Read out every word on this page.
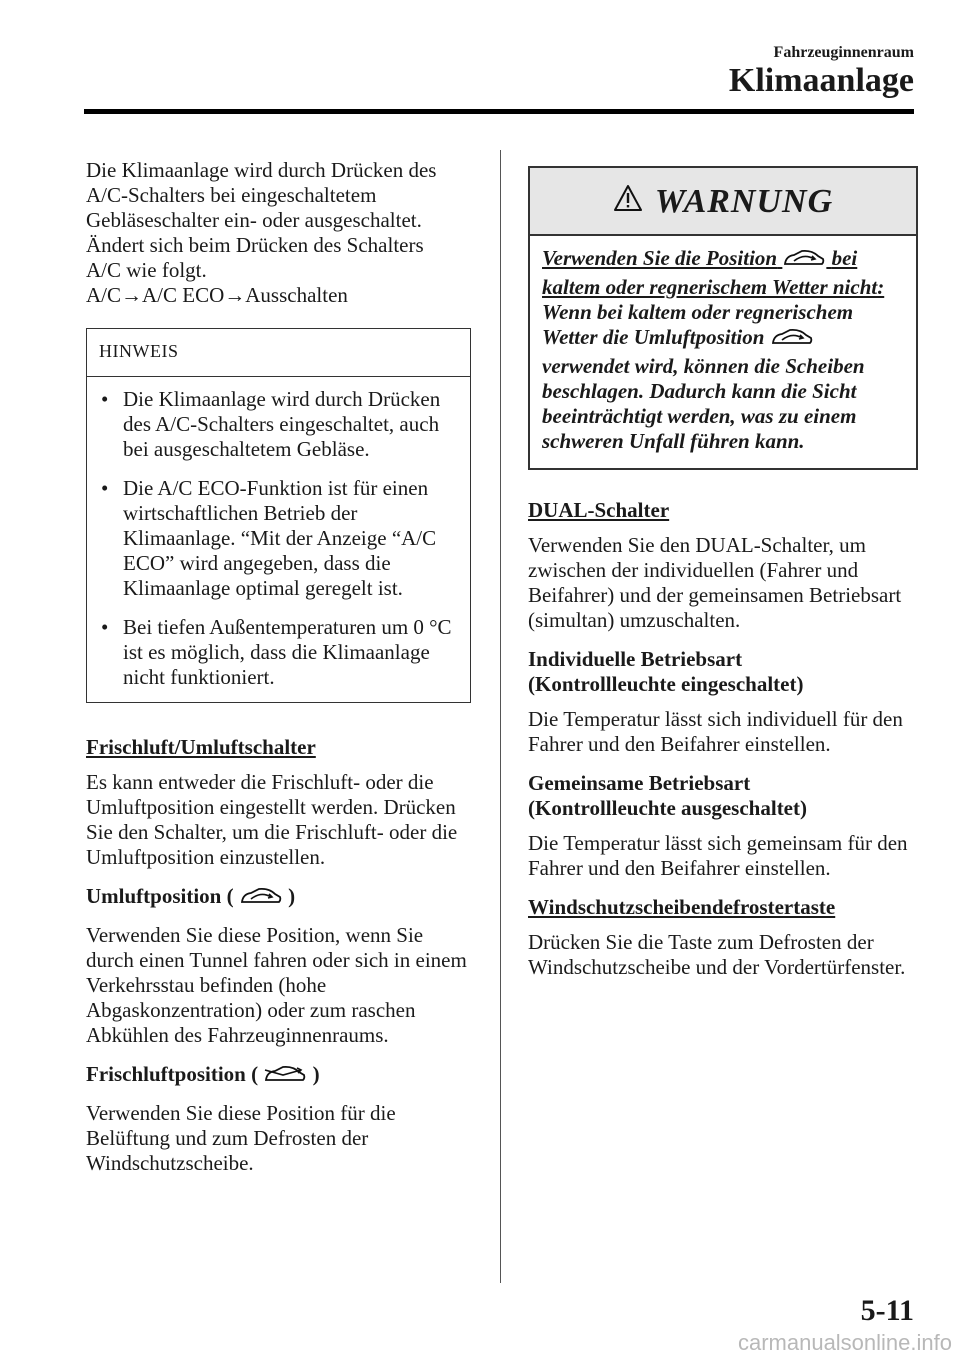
Fahrzeuginnenraum
Klimaanlage

Die Klimaanlage wird durch Drücken des
A/C-Schalters bei eingeschaltetem
Gebläseschalter ein- oder ausgeschaltet.
Ändert sich beim Drücken des Schalters
A/C wie folgt.
A/C→A/C ECO→Ausschalten

HINWEIS
• Die Klimaanlage wird durch Drücken des A/C-Schalters eingeschaltet, auch bei ausgeschaltetem Gebläse.
• Die A/C ECO-Funktion ist für einen wirtschaftlichen Betrieb der Klimaanlage. “Mit der Anzeige “A/C ECO” wird angegeben, dass die Klimaanlage optimal geregelt ist.
• Bei tiefen Außentemperaturen um 0 °C ist es möglich, dass die Klimaanlage nicht funktioniert.

Frischluft/Umluftschalter

Es kann entweder die Frischluft- oder die Umluftposition eingestellt werden. Drücken Sie den Schalter, um die Frischluft- oder die Umluftposition einzustellen.

Umluftposition (	)

Verwenden Sie diese Position, wenn Sie durch einen Tunnel fahren oder sich in einem Verkehrsstau befinden (hohe Abgaskonzentration) oder zum raschen Abkühlen des Fahrzeuginnenraums.

Frischluftposition (	)

Verwenden Sie diese Position für die Belüftung und zum Defrosten der Windschutzscheibe.

WARNUNG
Verwenden Sie die Position	bei kaltem oder regnerischem Wetter nicht:
Wenn bei kaltem oder regnerischem Wetter die Umluftposition  verwendet wird, können die Scheiben beschlagen. Dadurch kann die Sicht beeinträchtigt werden, was zu einem schweren Unfall führen kann.

DUAL-Schalter

Verwenden Sie den DUAL-Schalter, um zwischen der individuellen (Fahrer und Beifahrer) und der gemeinsamen Betriebsart (simultan) umzuschalten.

Individuelle Betriebsart
(Kontrollleuchte eingeschaltet)

Die Temperatur lässt sich individuell für den Fahrer und den Beifahrer einstellen.

Gemeinsame Betriebsart
(Kontrollleuchte ausgeschaltet)

Die Temperatur lässt sich gemeinsam für den Fahrer und den Beifahrer einstellen.

Windschutzscheibendefrostertaste

Drücken Sie die Taste zum Defrosten der Windschutzscheibe und der Vordertürfenster.

5-11
carmanualsonline.info
